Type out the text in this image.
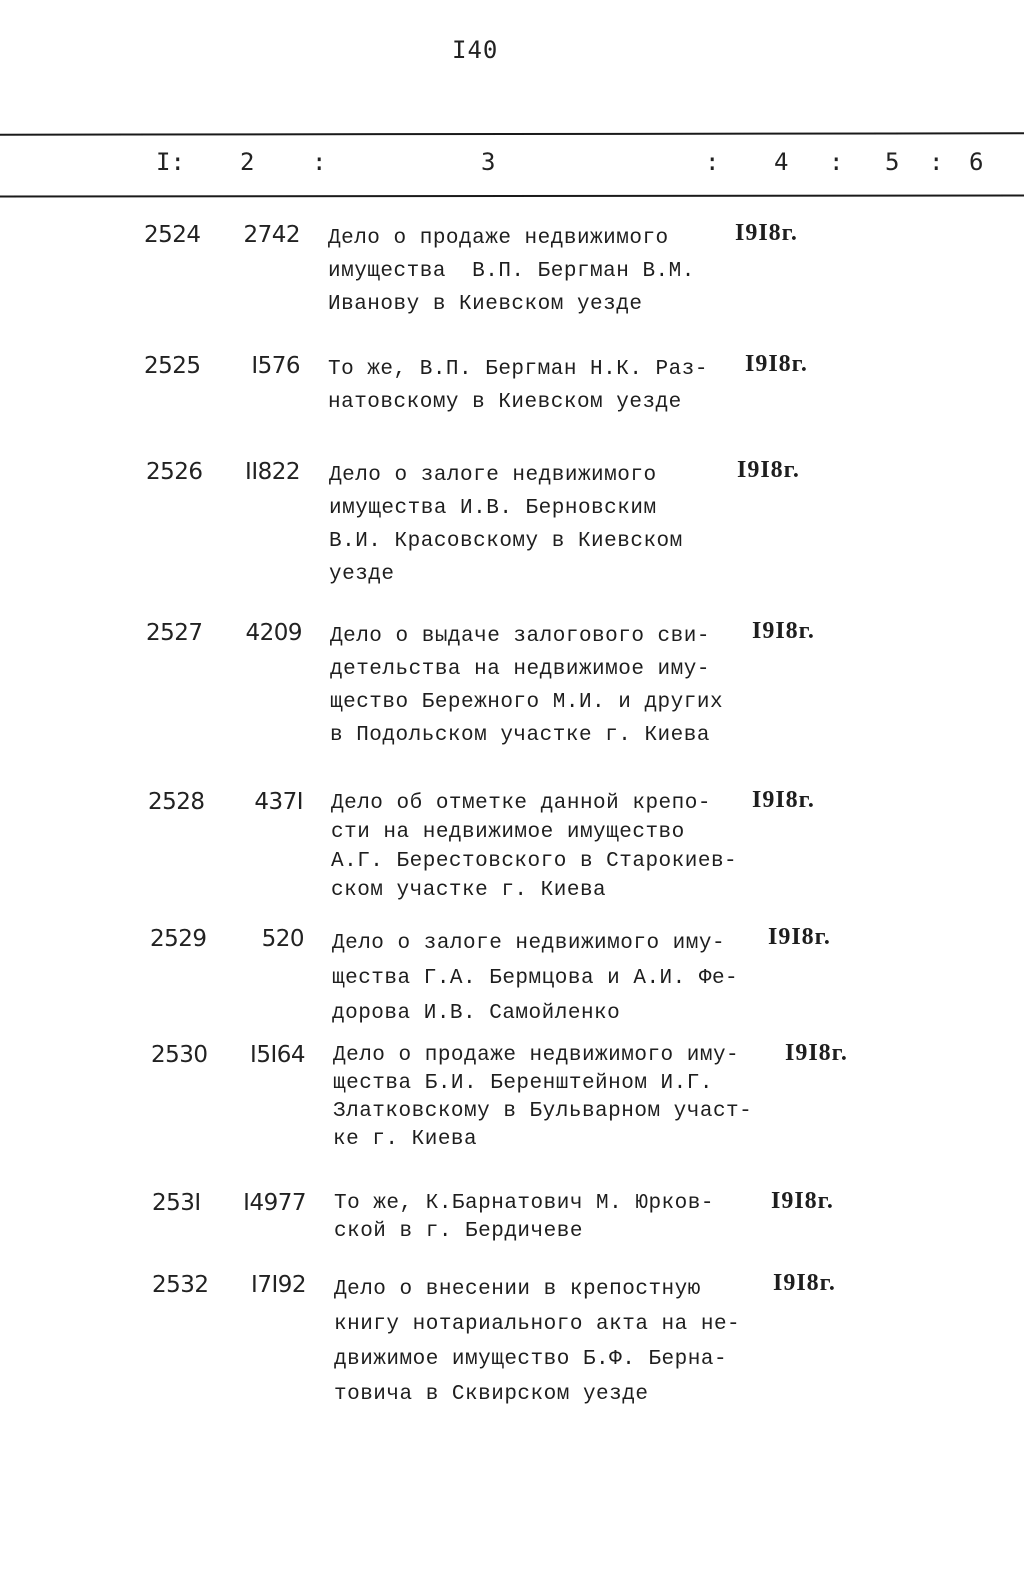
I40
I: 2 :	3	: 4 : 5 : 6
2524	2742 Дело о продаже недвижимого
имущества  В.П. Бергман В.М.
Иванову в Киевском уезде
I9I8г.
2525	I576 То же, В.П. Бергман Н.К. Раз-
натовскому в Киевском уезде
I9I8г.
2526	II822 Дело о залоге недвижимого
имущества И.В. Берновским
В.И. Красовскому в Киевском
уезде
I9I8г.
2527	4209 Дело о выдаче залогового сви-
детельства на недвижимое иму-
щество Бережного М.И. и других
в Подольском участке г. Киева
I9I8г.
2528	437I Дело об отметке данной крепо-
сти на недвижимое имущество
А.Г. Берестовского в Старокиев-
ском участке г. Киева
I9I8г.
2529	520 Дело о залоге недвижимого иму-
щества Г.А. Бермцова и А.И. Фе-
дорова И.В. Самойленко
I9I8г.
2530	I5I64 Дело о продаже недвижимого иму-
щества Б.И. Беренштейном И.Г.
Златковскому в Бульварном участ-
ке г. Киева
I9I8г.
253I	I4977 То же, К.Барнатович М. Юрков-
ской в г. Бердичеве
I9I8г.
2532	I7I92 Дело о внесении в крепостную
книгу нотариального акта на не-
движимое имущество Б.Ф. Берна-
товича в Сквирском уезде
I9I8г.
